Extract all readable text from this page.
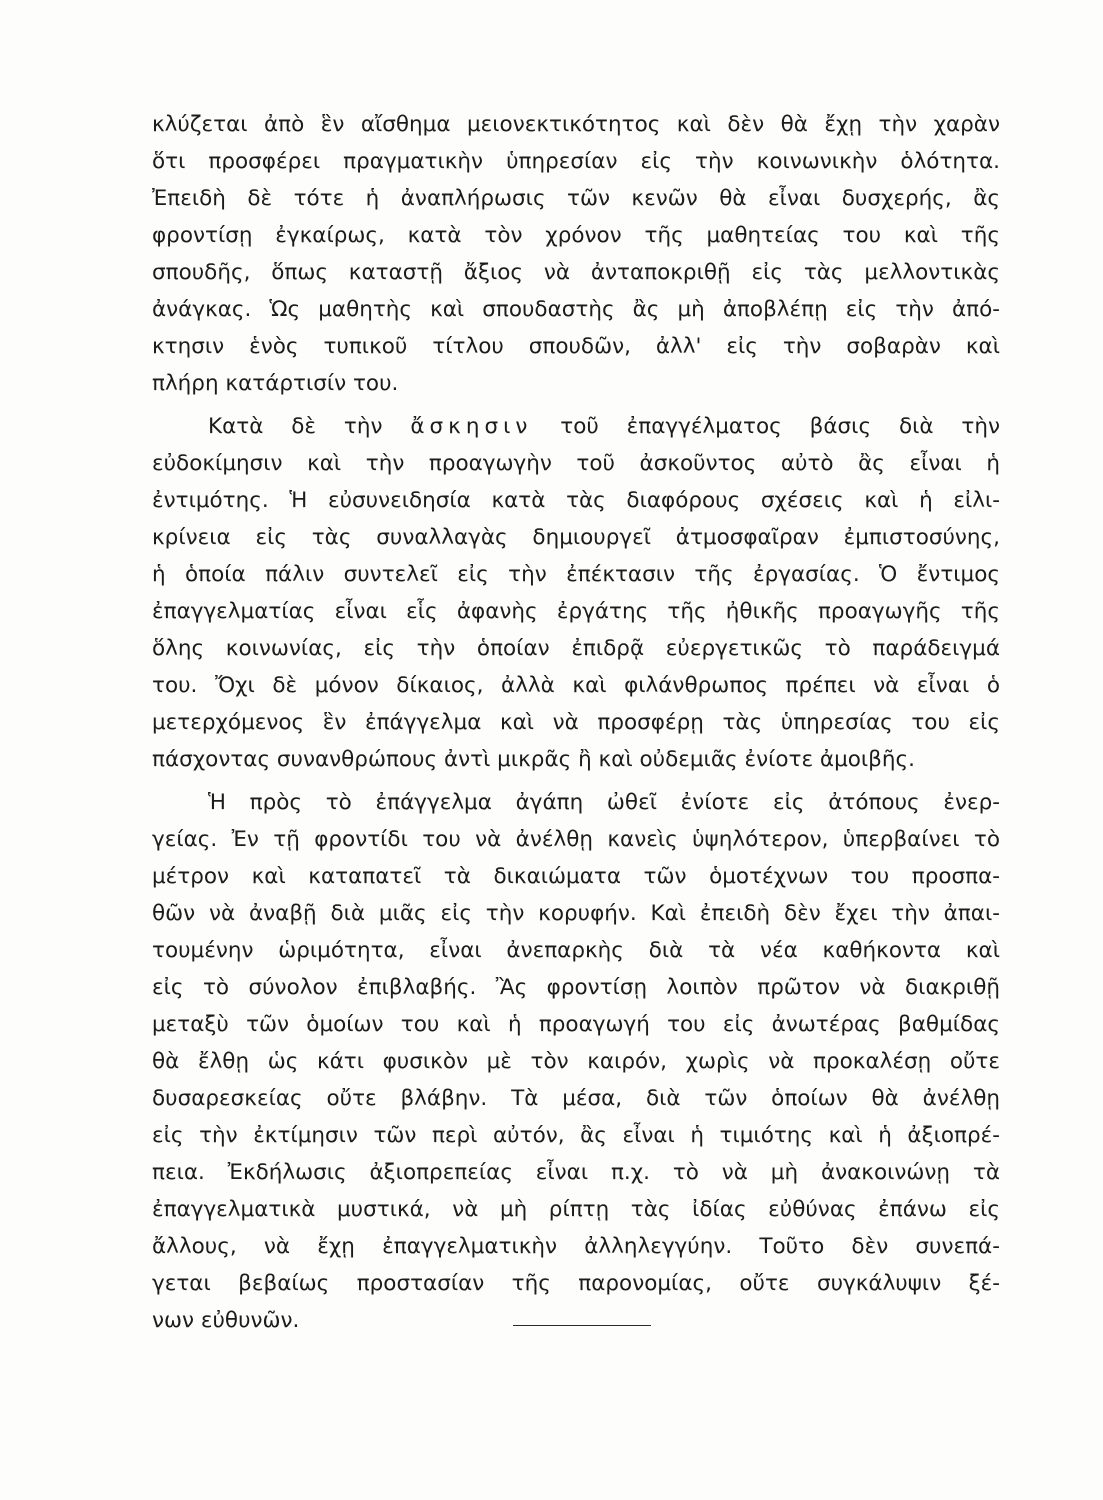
κλύζεται ἀπὸ ἓν αἴσθημα μειονεκτικότητος καὶ δὲν θὰ ἔχῃ τὴν χαρὰν
ὅτι προσφέρει πραγματικὴν ὑπηρεσίαν εἰς τὴν κοινωνικὴν ὁλότητα.
Ἐπειδὴ δὲ τότε ἡ ἀναπλήρωσις τῶν κενῶν θὰ εἶναι δυσχερής, ἂς
φροντίσῃ ἐγκαίρως, κατὰ τὸν χρόνον τῆς μαθητείας του καὶ τῆς
σπουδῆς, ὅπως καταστῇ ἄξιος νὰ ἀνταποκριθῇ εἰς τὰς μελλοντικὰς
ἀνάγκας. Ὡς μαθητὴς καὶ σπουδαστὴς ἂς μὴ ἀποβλέπῃ εἰς τὴν ἀπό-
κτησιν ἑνὸς τυπικοῦ τίτλου σπουδῶν, ἀλλ' εἰς τὴν σοβαρὰν καὶ
πλήρη κατάρτισίν του.
Κατὰ δὲ τὴν ἄσκησιν τοῦ ἐπαγγέλματος βάσις διὰ τὴν
εὐδοκίμησιν καὶ τὴν προαγωγὴν τοῦ ἀσκοῦντος αὐτὸ ἂς εἶναι ἡ
ἐντιμότης. Ἡ εὐσυνειδησία κατὰ τὰς διαφόρους σχέσεις καὶ ἡ εἰλι-
κρίνεια εἰς τὰς συναλλαγὰς δημιουργεῖ ἀτμοσφαῖραν ἐμπιστοσύνης,
ἡ ὁποία πάλιν συντελεῖ εἰς τὴν ἐπέκτασιν τῆς ἐργασίας. Ὁ ἔντιμος
ἐπαγγελματίας εἶναι εἷς ἀφανὴς ἐργάτης τῆς ἠθικῆς προαγωγῆς τῆς
ὅλης κοινωνίας, εἰς τὴν ὁποίαν ἐπιδρᾷ εὐεργετικῶς τὸ παράδειγμά
του. Ὄχι δὲ μόνον δίκαιος, ἀλλὰ καὶ φιλάνθρωπος πρέπει νὰ εἶναι ὁ
μετερχόμενος ἓν ἐπάγγελμα καὶ νὰ προσφέρῃ τὰς ὑπηρεσίας του εἰς
πάσχοντας συνανθρώπους ἀντὶ μικρᾶς ἢ καὶ οὐδεμιᾶς ἐνίοτε ἀμοιβῆς.
Ἡ πρὸς τὸ ἐπάγγελμα ἀγάπη ὠθεῖ ἐνίοτε εἰς ἀτόπους ἐνερ-
γείας. Ἐν τῇ φροντίδι του νὰ ἀνέλθῃ κανεὶς ὑψηλότερον, ὑπερβαίνει τὸ
μέτρον καὶ καταπατεῖ τὰ δικαιώματα τῶν ὁμοτέχνων του προσπα-
θῶν νὰ ἀναβῇ διὰ μιᾶς εἰς τὴν κορυφήν. Καὶ ἐπειδὴ δὲν ἔχει τὴν ἀπαι-
τουμένην ὡριμότητα, εἶναι ἀνεπαρκὴς διὰ τὰ νέα καθήκοντα καὶ
εἰς τὸ σύνολον ἐπιβλαβής. Ἂς φροντίσῃ λοιπὸν πρῶτον νὰ διακριθῇ
μεταξὺ τῶν ὁμοίων του καὶ ἡ προαγωγή του εἰς ἀνωτέρας βαθμίδας
θὰ ἔλθῃ ὡς κάτι φυσικὸν μὲ τὸν καιρόν, χωρὶς νὰ προκαλέσῃ οὔτε
δυσαρεσκείας οὔτε βλάβην. Τὰ μέσα, διὰ τῶν ὁποίων θὰ ἀνέλθῃ
εἰς τὴν ἐκτίμησιν τῶν περὶ αὐτόν, ἂς εἶναι ἡ τιμιότης καὶ ἡ ἀξιοπρέ-
πεια. Ἐκδήλωσις ἀξιοπρεπείας εἶναι π.χ. τὸ νὰ μὴ ἀνακοινώνῃ τὰ
ἐπαγγελματικὰ μυστικά, νὰ μὴ ρίπτῃ τὰς ἰδίας εὐθύνας ἐπάνω εἰς
ἄλλους, νὰ ἔχῃ ἐπαγγελματικὴν ἀλληλεγγύην. Τοῦτο δὲν συνεπά-
γεται βεβαίως προστασίαν τῆς παρονομίας, οὔτε συγκάλυψιν ξέ-
νων εὐθυνῶν.
